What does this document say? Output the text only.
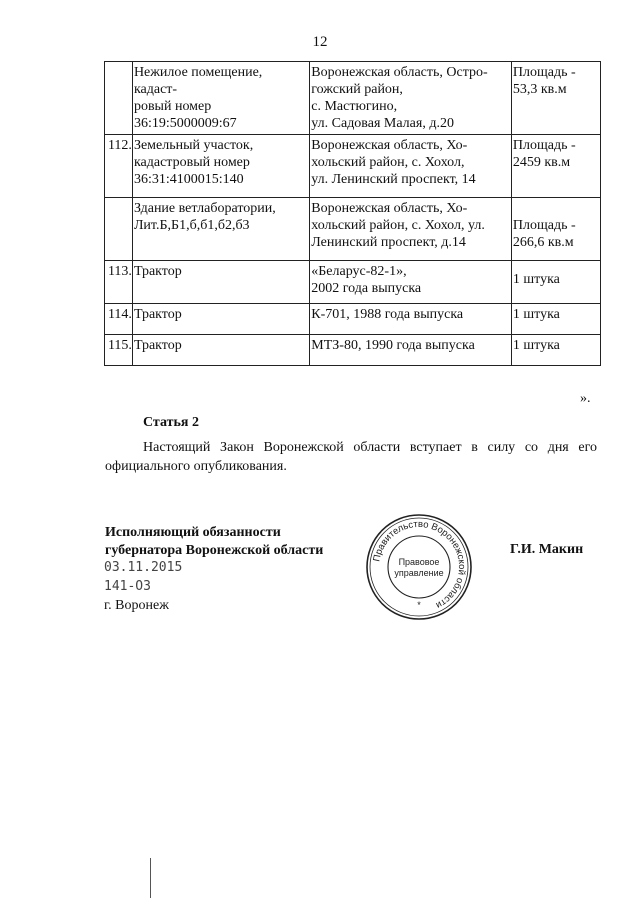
12
	Нежилое помещение, кадаст-
ровый номер
36:19:5000009:67	Воронежская область, Остро-
гожский район,
с. Мастюгино,
ул. Садовая Малая, д.20	Площадь -
53,3 кв.м

112.	Земельный участок,
кадастровый номер
36:31:4100015:140	Воронежская область, Хо-
хольский район, с. Хохол,
ул. Ленинский проспект, 14	Площадь -
2459 кв.м

	Здание ветлаборатории,
Лит.Б,Б1,б,б1,б2,б3	Воронежская область, Хо-
хольский район, с. Хохол, ул.
Ленинский проспект, д.14	Площадь -
266,6 кв.м

113.	Трактор	«Беларус-82-1»,
2002 года выпуска	1 штука

114.	Трактор	К-701, 1988 года выпуска	1 штука

115.	Трактор	МТЗ-80, 1990 года выпуска	1 штука
».
Статья 2
Настоящий Закон Воронежской области вступает в силу со дня его официального опубликования.
Исполняющий обязанности
губернатора Воронежской области
Правительство Воронежской области
Правовое
управление
*
Г.И. Макин
03.11.2015
141-ОЗ
г. Воронеж
